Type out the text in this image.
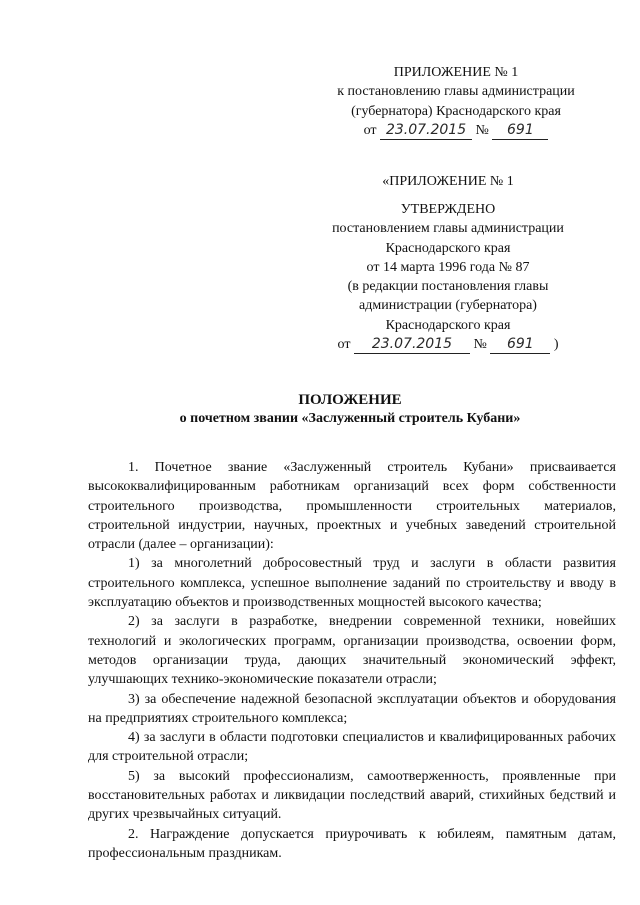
ПРИЛОЖЕНИЕ № 1
к постановлению главы администрации
(губернатора) Краснодарского края
от 23.07.2015 № 691
«ПРИЛОЖЕНИЕ № 1
УТВЕРЖДЕНО
постановлением главы администрации
Краснодарского края
от 14 марта 1996 года № 87
(в редакции постановления главы
администрации (губернатора)
Краснодарского края
от 23.07.2015 № 691 )
ПОЛОЖЕНИЕ
о почетном звании «Заслуженный строитель Кубани»

1. Почетное звание «Заслуженный строитель Кубани» присваивается высококвалифицированным работникам организаций всех форм собственности строительного производства, промышленности строительных материалов, строительной индустрии, научных, проектных и учебных заведений строительной отрасли (далее – организации):

1) за многолетний добросовестный труд и заслуги в области развития строительного комплекса, успешное выполнение заданий по строительству и вводу в эксплуатацию объектов и производственных мощностей высокого качества;

2) за заслуги в разработке, внедрении современной техники, новейших технологий и экологических программ, организации производства, освоении форм, методов организации труда, дающих значительный экономический эффект, улучшающих технико-экономические показатели отрасли;

3) за обеспечение надежной безопасной эксплуатации объектов и оборудования на предприятиях строительного комплекса;

4) за заслуги в области подготовки специалистов и квалифицированных рабочих для строительной отрасли;

5) за высокий профессионализм, самоотверженность, проявленные при восстановительных работах и ликвидации последствий аварий, стихийных бедствий и других чрезвычайных ситуаций.

2. Награждение допускается приурочивать к юбилеям, памятным датам, профессиональным праздникам.
